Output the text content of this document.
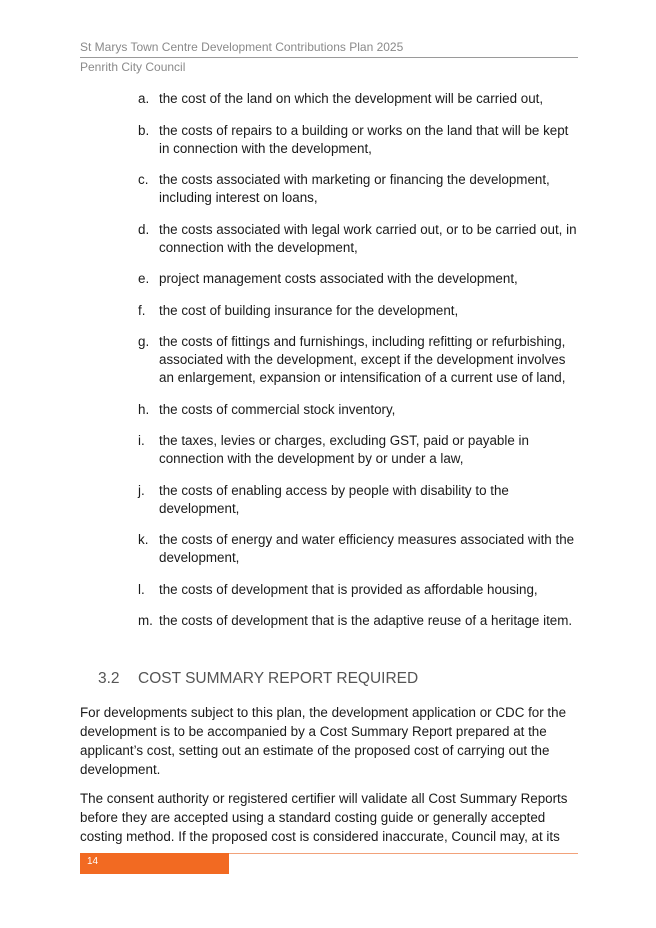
St Marys Town Centre Development Contributions Plan 2025
Penrith City Council
a. the cost of the land on which the development will be carried out,
b. the costs of repairs to a building or works on the land that will be kept in connection with the development,
c. the costs associated with marketing or financing the development, including interest on loans,
d. the costs associated with legal work carried out, or to be carried out, in connection with the development,
e. project management costs associated with the development,
f. the cost of building insurance for the development,
g. the costs of fittings and furnishings, including refitting or refurbishing, associated with the development, except if the development involves an enlargement, expansion or intensification of a current use of land,
h. the costs of commercial stock inventory,
i. the taxes, levies or charges, excluding GST, paid or payable in connection with the development by or under a law,
j. the costs of enabling access by people with disability to the development,
k. the costs of energy and water efficiency measures associated with the development,
l. the costs of development that is provided as affordable housing,
m. the costs of development that is the adaptive reuse of a heritage item.
3.2 COST SUMMARY REPORT REQUIRED

For developments subject to this plan, the development application or CDC for the development is to be accompanied by a Cost Summary Report prepared at the applicant’s cost, setting out an estimate of the proposed cost of carrying out the development.

The consent authority or registered certifier will validate all Cost Summary Reports before they are accepted using a standard costing guide or generally accepted costing method. If the proposed cost is considered inaccurate, Council may, at its

14
